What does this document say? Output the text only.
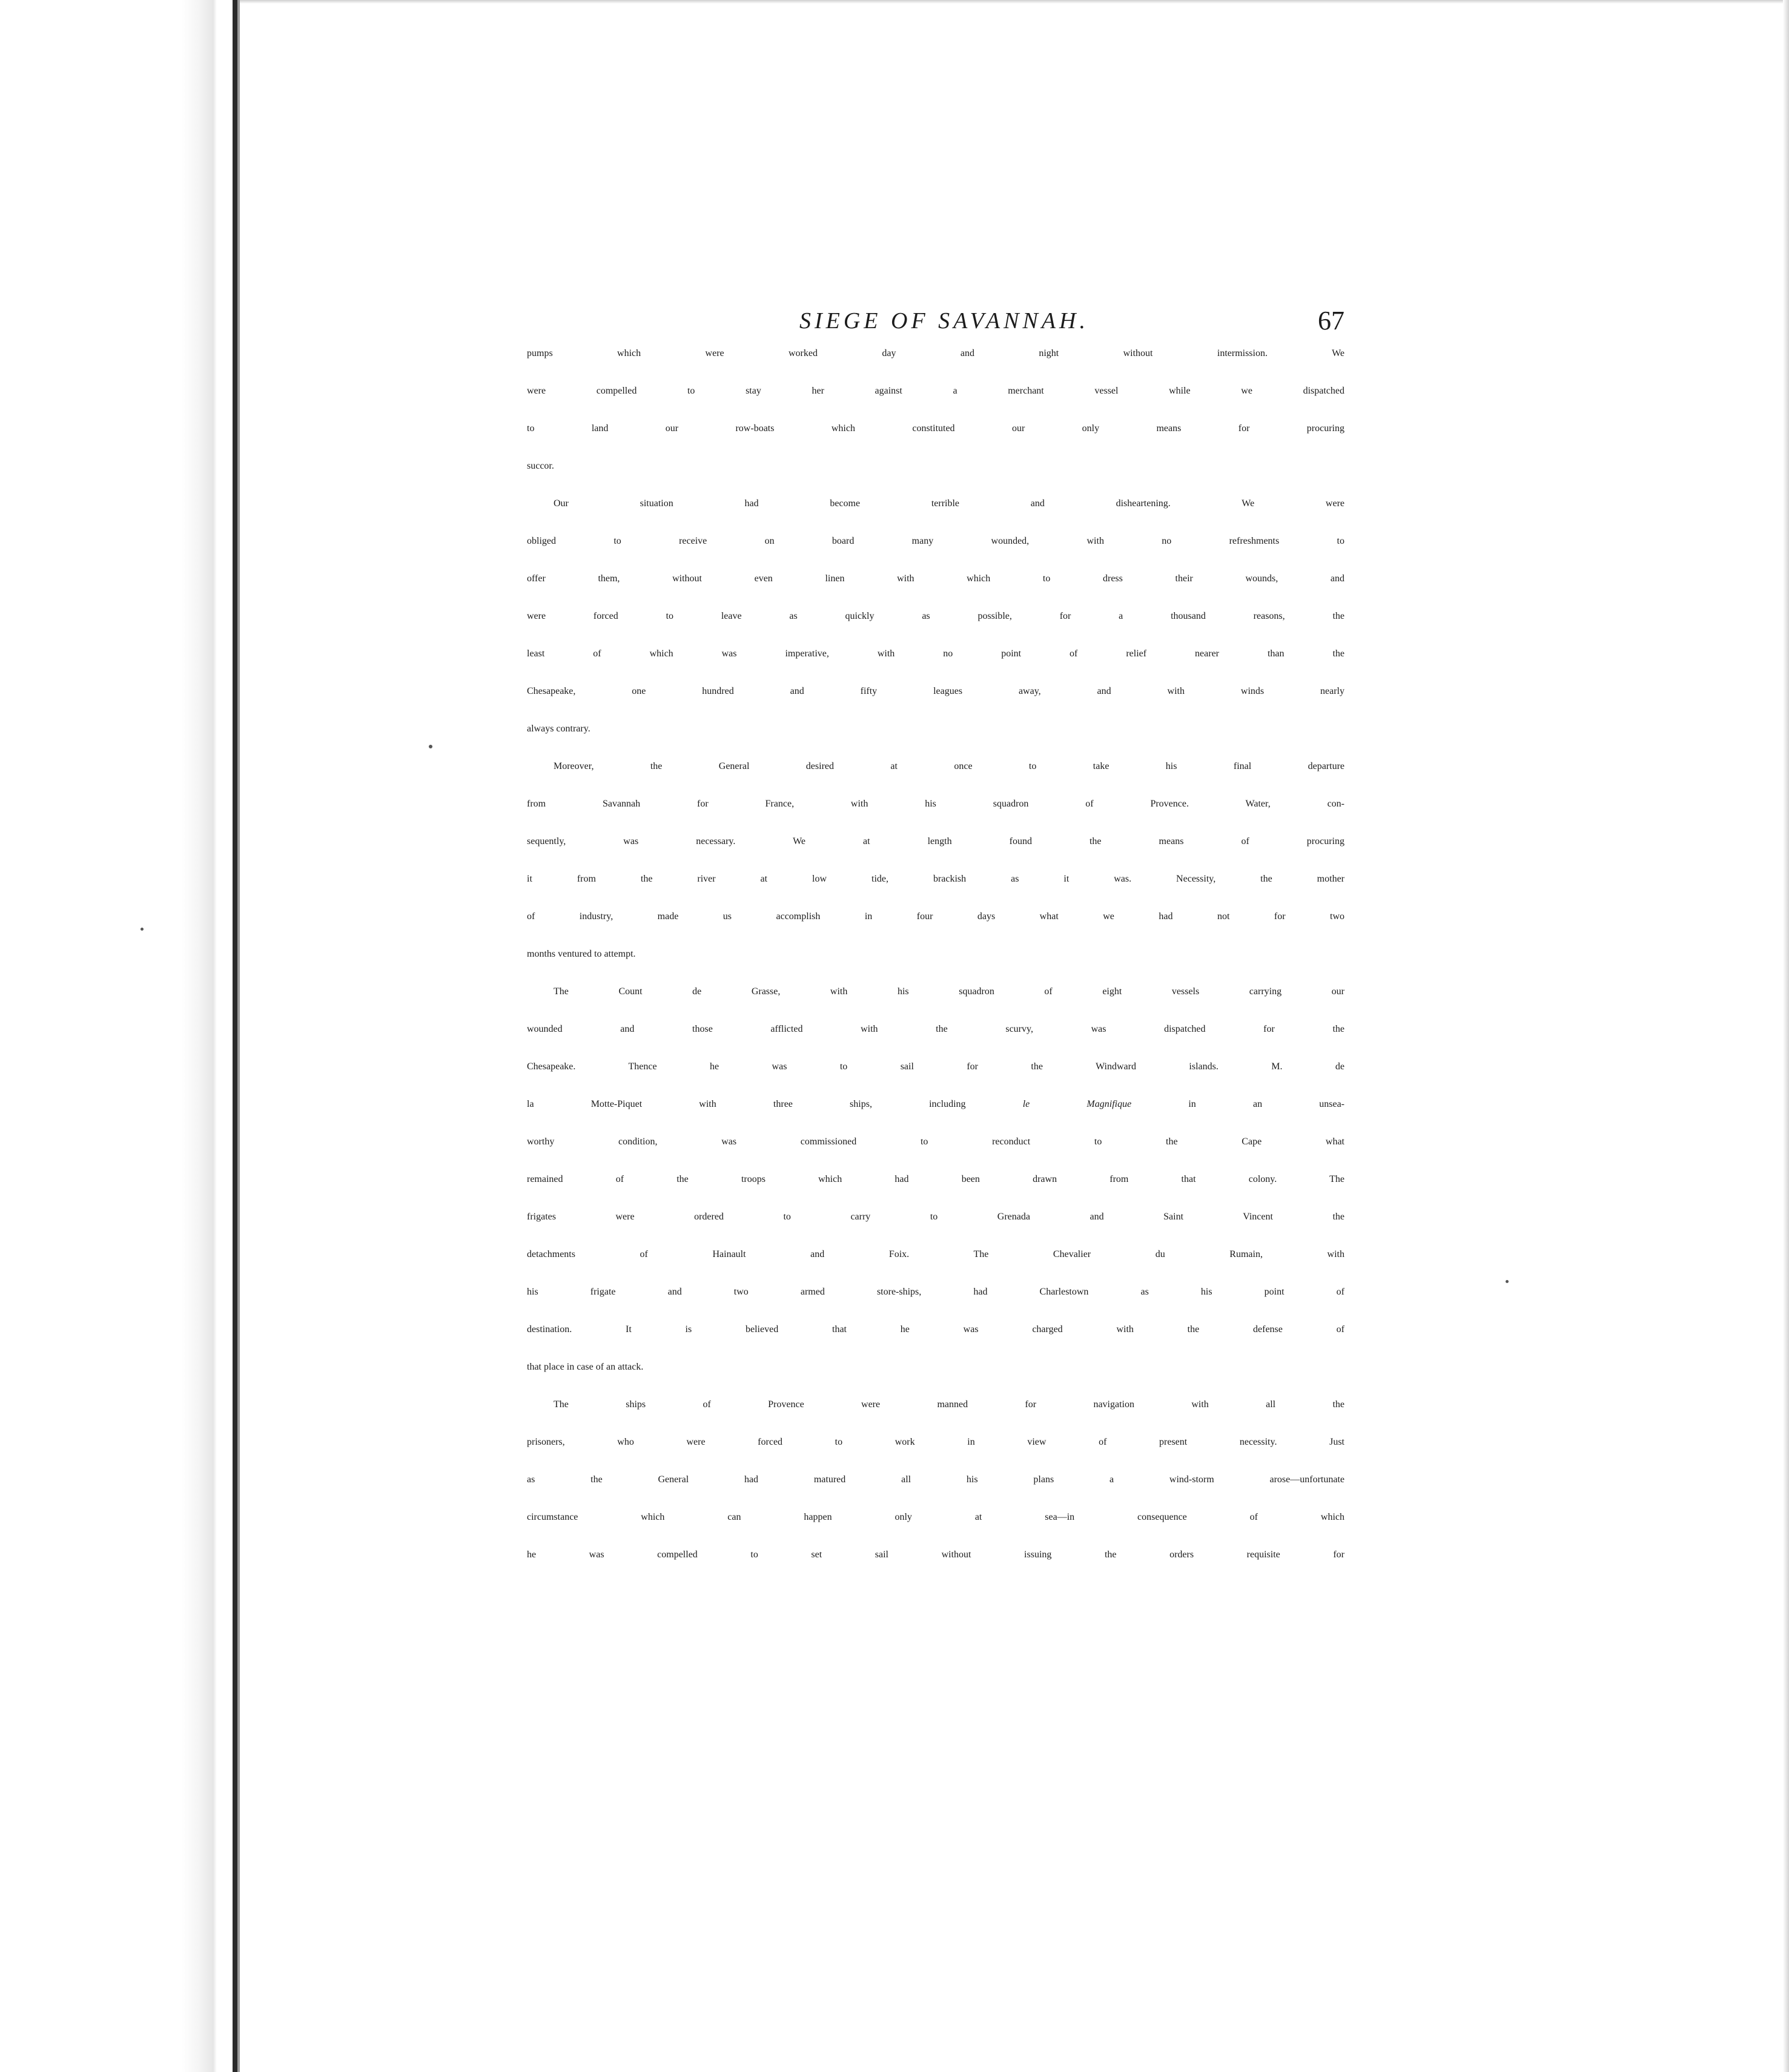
SIEGE OF SAVANNAH.	67
pumps which were worked day and night without intermission. We
were compelled to stay her against a merchant vessel while we dispatched
to land our row-boats which constituted our only means for procuring
succor.
Our situation had become terrible and disheartening. We were
obliged to receive on board many wounded, with no refreshments to
offer them, without even linen with which to dress their wounds, and
were forced to leave as quickly as possible, for a thousand reasons, the
least of which was imperative, with no point of relief nearer than the
Chesapeake, one hundred and fifty leagues away, and with winds nearly
always contrary.
Moreover, the General desired at once to take his final departure
from Savannah for France, with his squadron of Provence. Water, con-
sequently, was necessary. We at length found the means of procuring
it from the river at low tide, brackish as it was. Necessity, the mother
of industry, made us accomplish in four days what we had not for two
months ventured to attempt.
The Count de Grasse, with his squadron of eight vessels carrying our
wounded and those afflicted with the scurvy, was dispatched for the
Chesapeake. Thence he was to sail for the Windward islands. M. de
la Motte-Piquet with three ships, including le Magnifique in an unsea-
worthy condition, was commissioned to reconduct to the Cape what
remained of the troops which had been drawn from that colony. The
frigates were ordered to carry to Grenada and Saint Vincent the
detachments of Hainault and Foix. The Chevalier du Rumain, with
his frigate and two armed store-ships, had Charlestown as his point of
destination. It is believed that he was charged with the defense of
that place in case of an attack.
The ships of Provence were manned for navigation with all the
prisoners, who were forced to work in view of present necessity. Just
as the General had matured all his plans a wind-storm arose—unfortunate
circumstance which can happen only at sea—in consequence of which
he was compelled to set sail without issuing the orders requisite for
